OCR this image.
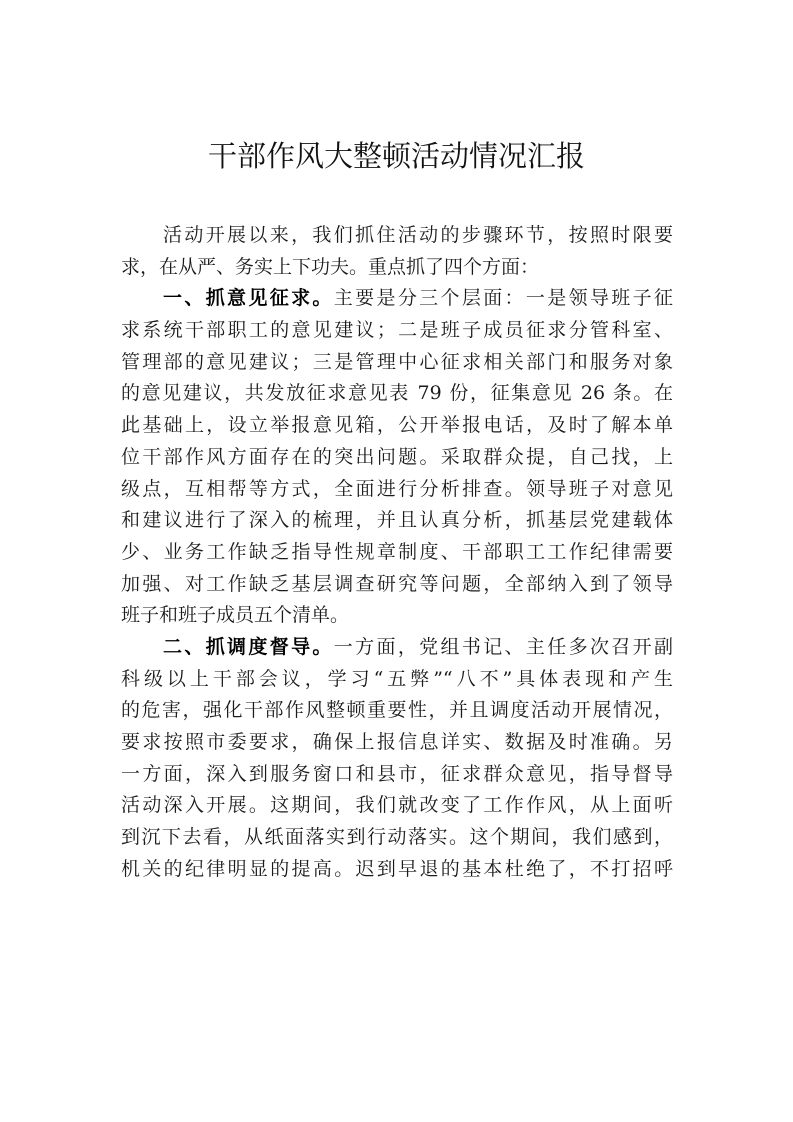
干部作风大整顿活动情况汇报
活动开展以来，我们抓住活动的步骤环节，按照时限要
求，在从严、务实上下功夫。重点抓了四个方面：
一、抓意见征求。主要是分三个层面：一是领导班子征
求系统干部职工的意见建议；二是班子成员征求分管科室、
管理部的意见建议；三是管理中心征求相关部门和服务对象
的意见建议，共发放征求意见表 79 份，征集意见 26 条。在
此基础上，设立举报意见箱，公开举报电话，及时了解本单
位干部作风方面存在的突出问题。采取群众提，自己找，上
级点，互相帮等方式，全面进行分析排查。领导班子对意见
和建议进行了深入的梳理，并且认真分析，抓基层党建载体
少、业务工作缺乏指导性规章制度、干部职工工作纪律需要
加强、对工作缺乏基层调查研究等问题，全部纳入到了领导
班子和班子成员五个清单。
二、抓调度督导。一方面，党组书记、主任多次召开副
科级以上干部会议，学习“五弊”“八不”具体表现和产生
的危害，强化干部作风整顿重要性，并且调度活动开展情况，
要求按照市委要求，确保上报信息详实、数据及时准确。另
一方面，深入到服务窗口和县市，征求群众意见，指导督导
活动深入开展。这期间，我们就改变了工作作风，从上面听
到沉下去看，从纸面落实到行动落实。这个期间，我们感到，
机关的纪律明显的提高。迟到早退的基本杜绝了，不打招呼
